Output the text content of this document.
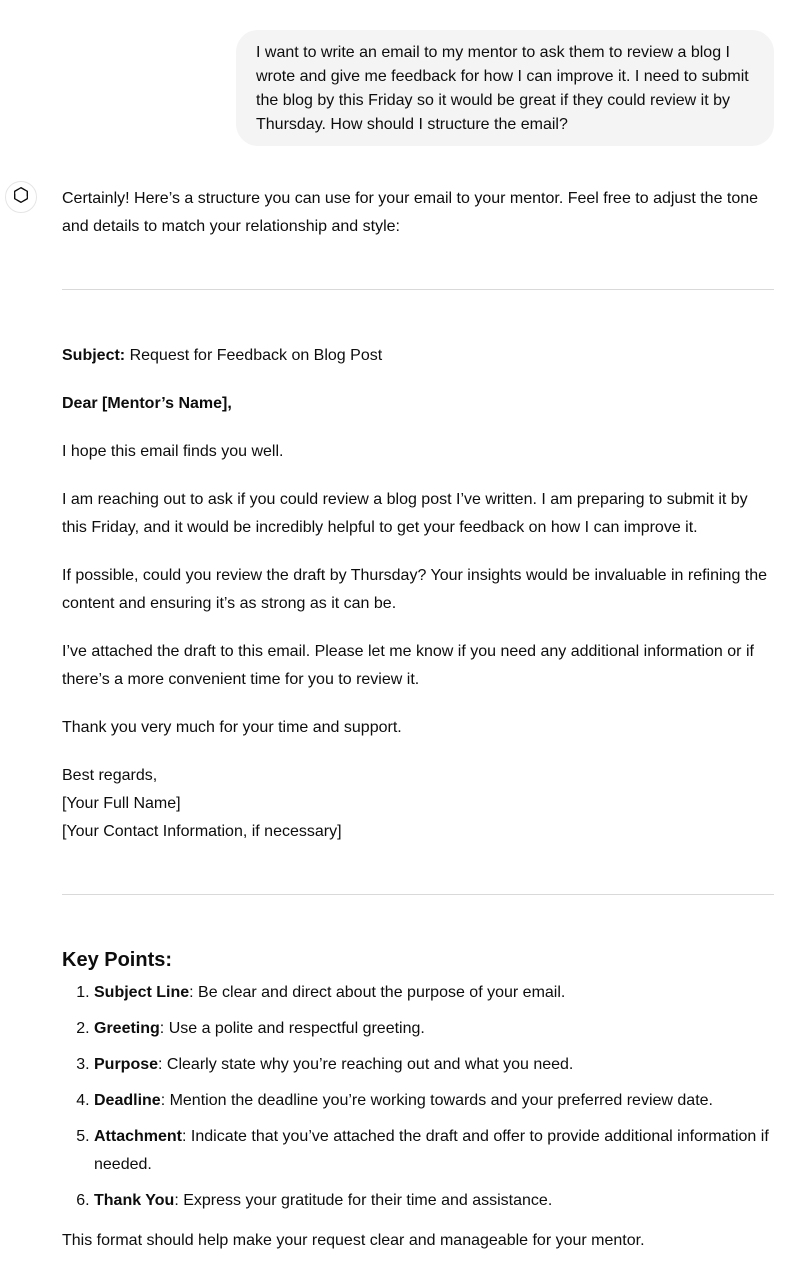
I want to write an email to my mentor to ask them to review a blog I wrote and give me feedback for how I can improve it. I need to submit the blog by this Friday so it would be great if they could review it by Thursday. How should I structure the email?

Certainly! Here’s a structure you can use for your email to your mentor. Feel free to adjust the tone and details to match your relationship and style:

Subject: Request for Feedback on Blog Post

Dear [Mentor’s Name],

I hope this email finds you well.

I am reaching out to ask if you could review a blog post I’ve written. I am preparing to submit it by this Friday, and it would be incredibly helpful to get your feedback on how I can improve it.

If possible, could you review the draft by Thursday? Your insights would be invaluable in refining the content and ensuring it’s as strong as it can be.

I’ve attached the draft to this email. Please let me know if you need any additional information or if there’s a more convenient time for you to review it.

Thank you very much for your time and support.

Best regards,
[Your Full Name]
[Your Contact Information, if necessary]

Key Points:
1. Subject Line: Be clear and direct about the purpose of your email.
2. Greeting: Use a polite and respectful greeting.
3. Purpose: Clearly state why you’re reaching out and what you need.
4. Deadline: Mention the deadline you’re working towards and your preferred review date.
5. Attachment: Indicate that you’ve attached the draft and offer to provide additional information if needed.
6. Thank You: Express your gratitude for their time and assistance.

This format should help make your request clear and manageable for your mentor.
